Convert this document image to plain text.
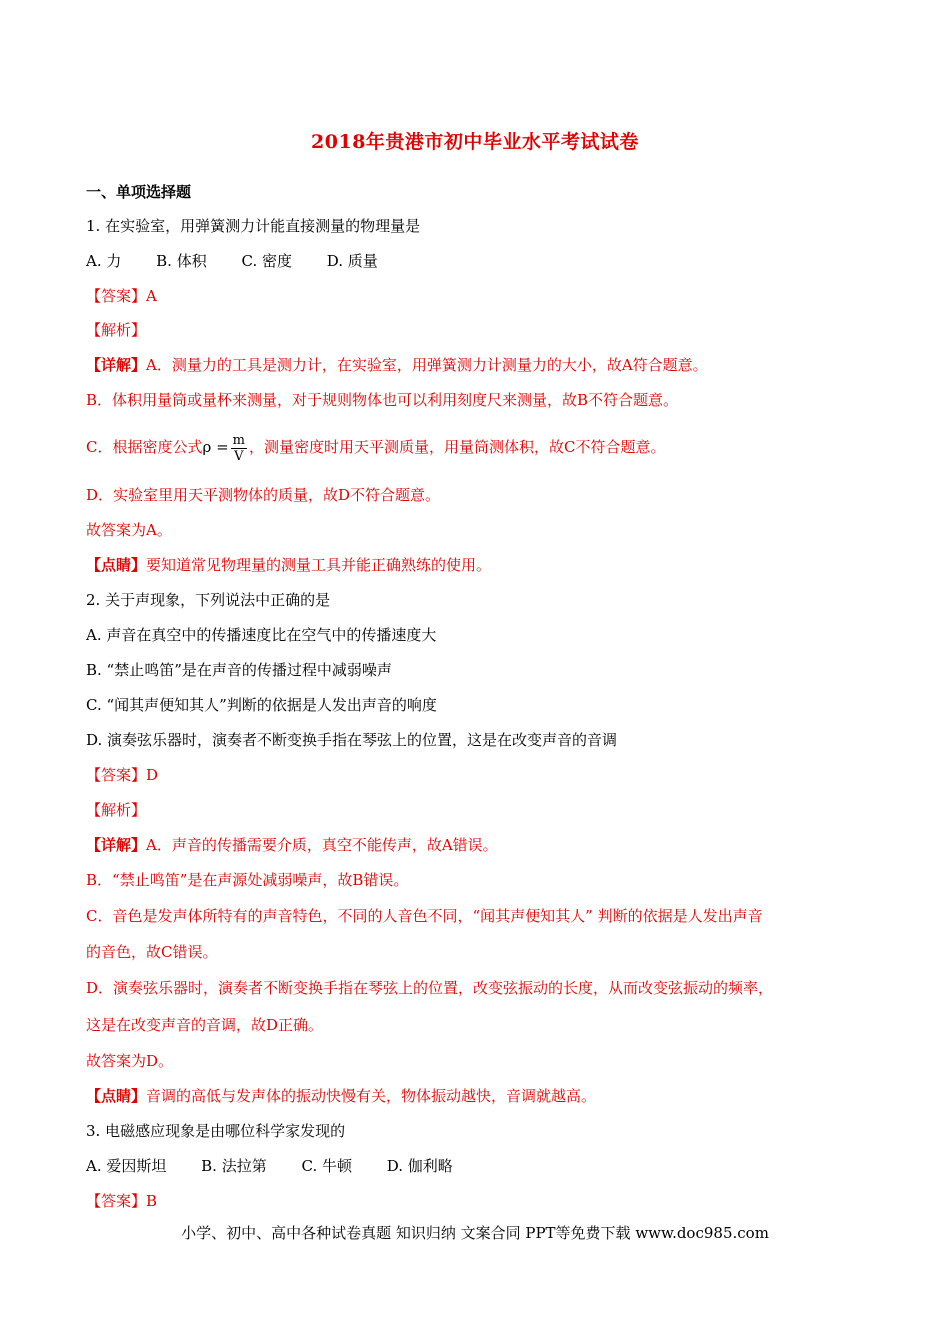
2018年贵港市初中毕业水平考试试卷
一、单项选择题
1. 在实验室，用弹簧测力计能直接测量的物理量是
A. 力 B. 体积 C. 密度 D. 质量
【答案】A
【解析】
【详解】A．测量力的工具是测力计，在实验室，用弹簧测力计测量力的大小，故A符合题意。
B．体积用量筒或量杯来测量，对于规则物体也可以利用刻度尺来测量，故B不符合题意。
C．根据密度公式$\rho = \frac{m}{V}$ ，测量密度时用天平测质量，用量筒测体积，故C不符合题意。
D．实验室里用天平测物体的质量，故D不符合题意。
故答案为A。
【点睛】要知道常见物理量的测量工具并能正确熟练的使用。
2. 关于声现象，下列说法中正确的是
A. 声音在真空中的传播速度比在空气中的传播速度大
B. “禁止鸣笛”是在声音的传播过程中减弱噪声
C. “闻其声便知其人”判断的依据是人发出声音的响度
D. 演奏弦乐器时，演奏者不断变换手指在琴弦上的位置，这是在改变声音的音调
【答案】D
【解析】
【详解】A．声音的传播需要介质，真空不能传声，故A错误。
B．“禁止鸣笛”是在声源处减弱噪声，故B错误。
C．音色是发声体所特有的声音特色，不同的人音色不同，“闻其声便知其人” 判断的依据是人发出声音
的音色，故C错误。
D．演奏弦乐器时，演奏者不断变换手指在琴弦上的位置，改变弦振动的长度，从而改变弦振动的频率，
这是在改变声音的音调，故D正确。
故答案为D。
【点睛】音调的高低与发声体的振动快慢有关，物体振动越快，音调就越高。
3. 电磁感应现象是由哪位科学家发现的
A. 爱因斯坦 B. 法拉第 C. 牛顿 D. 伽利略
【答案】B
小学、初中、高中各种试卷真题 知识归纳 文案合同 PPT等免费下载 www.doc985.com
